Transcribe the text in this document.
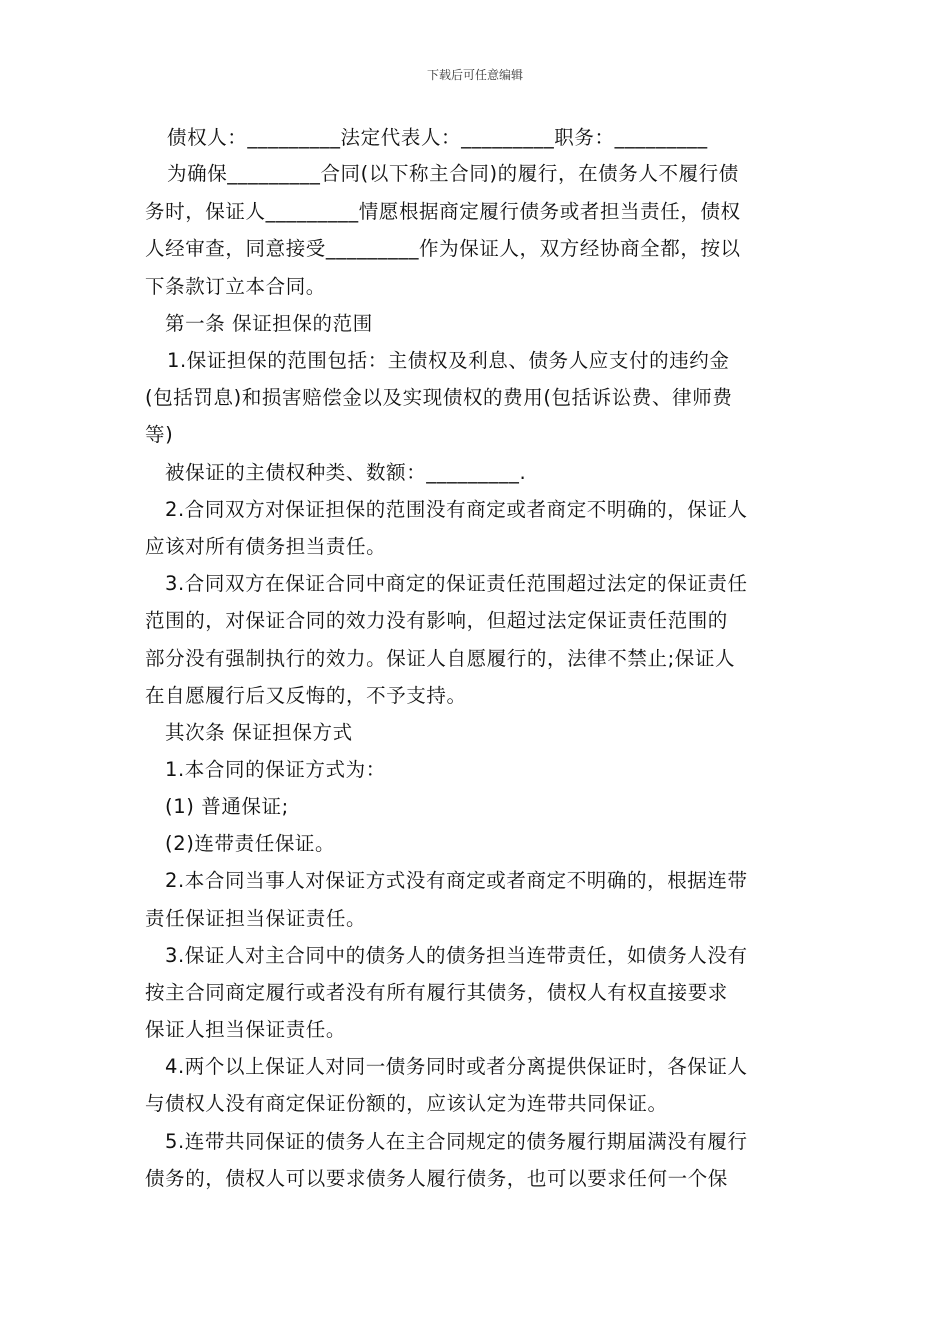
下载后可任意编辑
债权人：_________法定代表人：_________职务：_________
为确保_________合同(以下称主合同)的履行，在债务人不履行债
务时，保证人_________情愿根据商定履行债务或者担当责任，债权
人经审查，同意接受_________作为保证人，双方经协商全都，按以
下条款订立本合同。
第一条 保证担保的范围
1.保证担保的范围包括：主债权及利息、债务人应支付的违约金
(包括罚息)和损害赔偿金以及实现债权的费用(包括诉讼费、律师费
等)
被保证的主债权种类、数额：_________.
2.合同双方对保证担保的范围没有商定或者商定不明确的，保证人
应该对所有债务担当责任。
3.合同双方在保证合同中商定的保证责任范围超过法定的保证责任
范围的，对保证合同的效力没有影响，但超过法定保证责任范围的
部分没有强制执行的效力。保证人自愿履行的，法律不禁止;保证人
在自愿履行后又反悔的，不予支持。
其次条 保证担保方式
1.本合同的保证方式为：
(1) 普通保证;
(2)连带责任保证。
2.本合同当事人对保证方式没有商定或者商定不明确的，根据连带
责任保证担当保证责任。
3.保证人对主合同中的债务人的债务担当连带责任，如债务人没有
按主合同商定履行或者没有所有履行其债务，债权人有权直接要求
保证人担当保证责任。
4.两个以上保证人对同一债务同时或者分离提供保证时，各保证人
与债权人没有商定保证份额的，应该认定为连带共同保证。
5.连带共同保证的债务人在主合同规定的债务履行期届满没有履行
债务的，债权人可以要求债务人履行债务，也可以要求任何一个保
